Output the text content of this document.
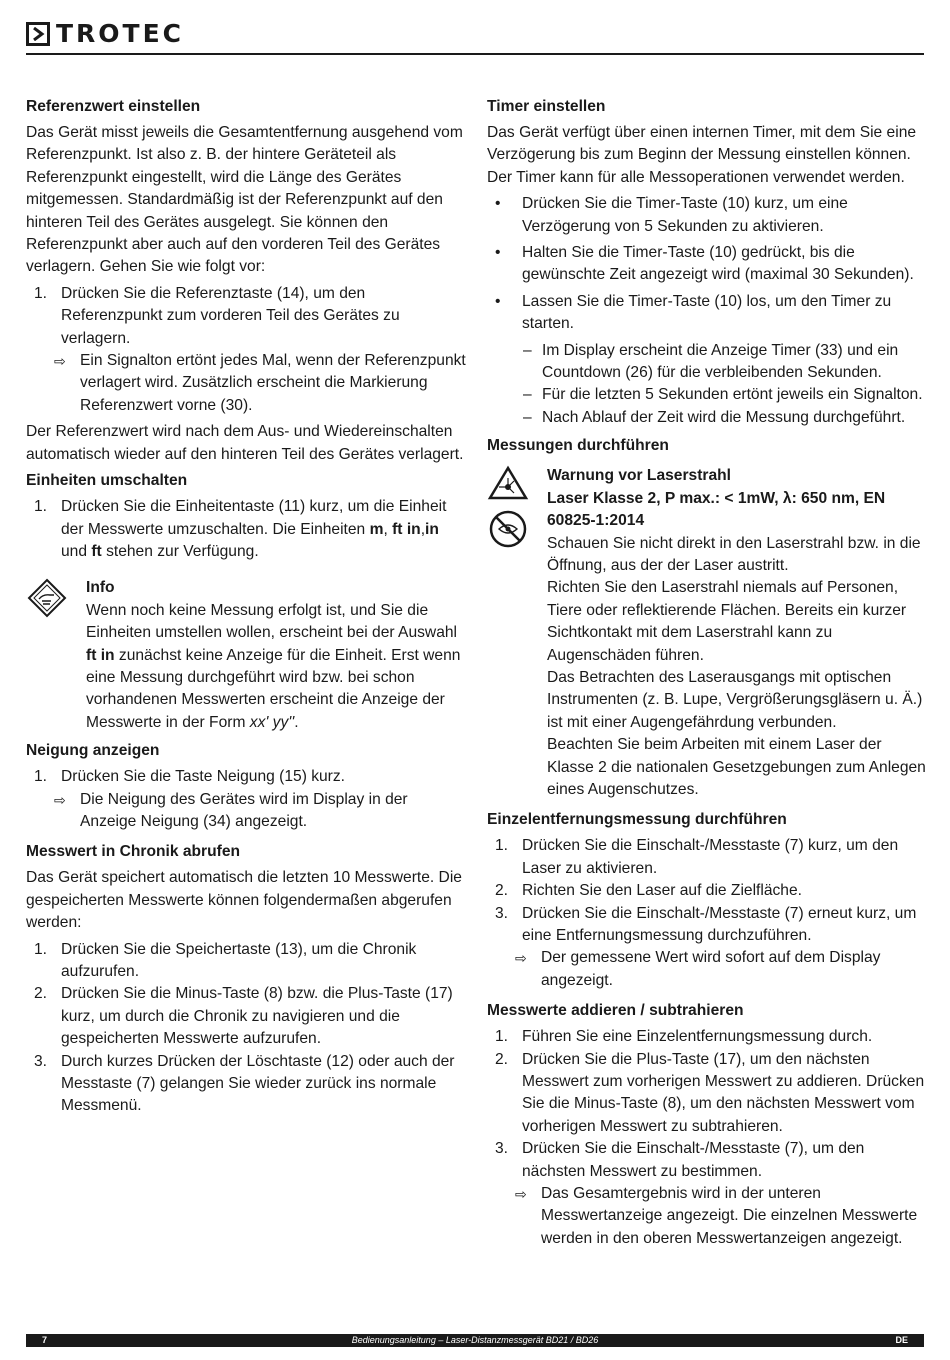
TROTEC
Referenzwert einstellen

Das Gerät misst jeweils die Gesamtentfernung ausgehend vom Referenzpunkt. Ist also z. B. der hintere Geräteteil als Referenzpunkt eingestellt, wird die Länge des Gerätes mitgemessen. Standardmäßig ist der Referenzpunkt auf den hinteren Teil des Gerätes ausgelegt. Sie können den Referenzpunkt aber auch auf den vorderen Teil des Gerätes verlagern. Gehen Sie wie folgt vor:

1. Drücken Sie die Referenztaste (14), um den Referenzpunkt zum vorderen Teil des Gerätes zu verlagern.
⇨ Ein Signalton ertönt jedes Mal, wenn der Referenzpunkt verlagert wird. Zusätzlich erscheint die Markierung Referenzwert vorne (30).

Der Referenzwert wird nach dem Aus- und Wiedereinschalten automatisch wieder auf den hinteren Teil des Gerätes verlagert.

Einheiten umschalten
1. Drücken Sie die Einheitentaste (11) kurz, um die Einheit der Messwerte umzuschalten. Die Einheiten m, ft in,in und ft stehen zur Verfügung.
Info
Wenn noch keine Messung erfolgt ist, und Sie die Einheiten umstellen wollen, erscheint bei der Auswahl ft in zunächst keine Anzeige für die Einheit. Erst wenn eine Messung durchgeführt wird bzw. bei schon vorhandenen Messwerten erscheint die Anzeige der Messwerte in der Form xx' yy''.
Neigung anzeigen
1. Drücken Sie die Taste Neigung (15) kurz.
⇨ Die Neigung des Gerätes wird im Display in der Anzeige Neigung (34) angezeigt.
Messwert in Chronik abrufen

Das Gerät speichert automatisch die letzten 10 Messwerte. Die gespeicherten Messwerte können folgendermaßen abgerufen werden:

1. Drücken Sie die Speichertaste (13), um die Chronik aufzurufen.
2. Drücken Sie die Minus-Taste (8) bzw. die Plus-Taste (17) kurz, um durch die Chronik zu navigieren und die gespeicherten Messwerte aufzurufen.
3. Durch kurzes Drücken der Löschtaste (12) oder auch der Messtaste (7) gelangen Sie wieder zurück ins normale Messmenü.
Timer einstellen

Das Gerät verfügt über einen internen Timer, mit dem Sie eine Verzögerung bis zum Beginn der Messung einstellen können. Der Timer kann für alle Messoperationen verwendet werden.

• Drücken Sie die Timer-Taste (10) kurz, um eine Verzögerung von 5 Sekunden zu aktivieren.
• Halten Sie die Timer-Taste (10) gedrückt, bis die gewünschte Zeit angezeigt wird (maximal 30 Sekunden).
• Lassen Sie die Timer-Taste (10) los, um den Timer zu starten.
– Im Display erscheint die Anzeige Timer (33) und ein Countdown (26) für die verbleibenden Sekunden.
– Für die letzten 5 Sekunden ertönt jeweils ein Signalton.
– Nach Ablauf der Zeit wird die Messung durchgeführt.
Messungen durchführen

Warnung vor Laserstrahl
Laser Klasse 2, P max.: < 1mW, λ: 650 nm, EN 60825-1:2014
Schauen Sie nicht direkt in den Laserstrahl bzw. in die Öffnung, aus der der Laser austritt.
Richten Sie den Laserstrahl niemals auf Personen, Tiere oder reflektierende Flächen. Bereits ein kurzer Sichtkontakt mit dem Laserstrahl kann zu Augenschäden führen.
Das Betrachten des Laserausgangs mit optischen Instrumenten (z. B. Lupe, Vergrößerungsgläsern u. Ä.) ist mit einer Augengefährdung verbunden.
Beachten Sie beim Arbeiten mit einem Laser der Klasse 2 die nationalen Gesetzgebungen zum Anlegen eines Augenschutzes.
Einzelentfernungsmessung durchführen
1. Drücken Sie die Einschalt-/Messtaste (7) kurz, um den Laser zu aktivieren.
2. Richten Sie den Laser auf die Zielfläche.
3. Drücken Sie die Einschalt-/Messtaste (7) erneut kurz, um eine Entfernungsmessung durchzuführen.
⇨ Der gemessene Wert wird sofort auf dem Display angezeigt.
Messwerte addieren / subtrahieren
1. Führen Sie eine Einzelentfernungsmessung durch.
2. Drücken Sie die Plus-Taste (17), um den nächsten Messwert zum vorherigen Messwert zu addieren. Drücken Sie die Minus-Taste (8), um den nächsten Messwert vom vorherigen Messwert zu subtrahieren.
3. Drücken Sie die Einschalt-/Messtaste (7), um den nächsten Messwert zu bestimmen.
⇨ Das Gesamtergebnis wird in der unteren Messwertanzeige angezeigt. Die einzelnen Messwerte werden in den oberen Messwertanzeigen angezeigt.
7	Bedienungsanleitung – Laser-Distanzmessgerät BD21 / BD26	DE
